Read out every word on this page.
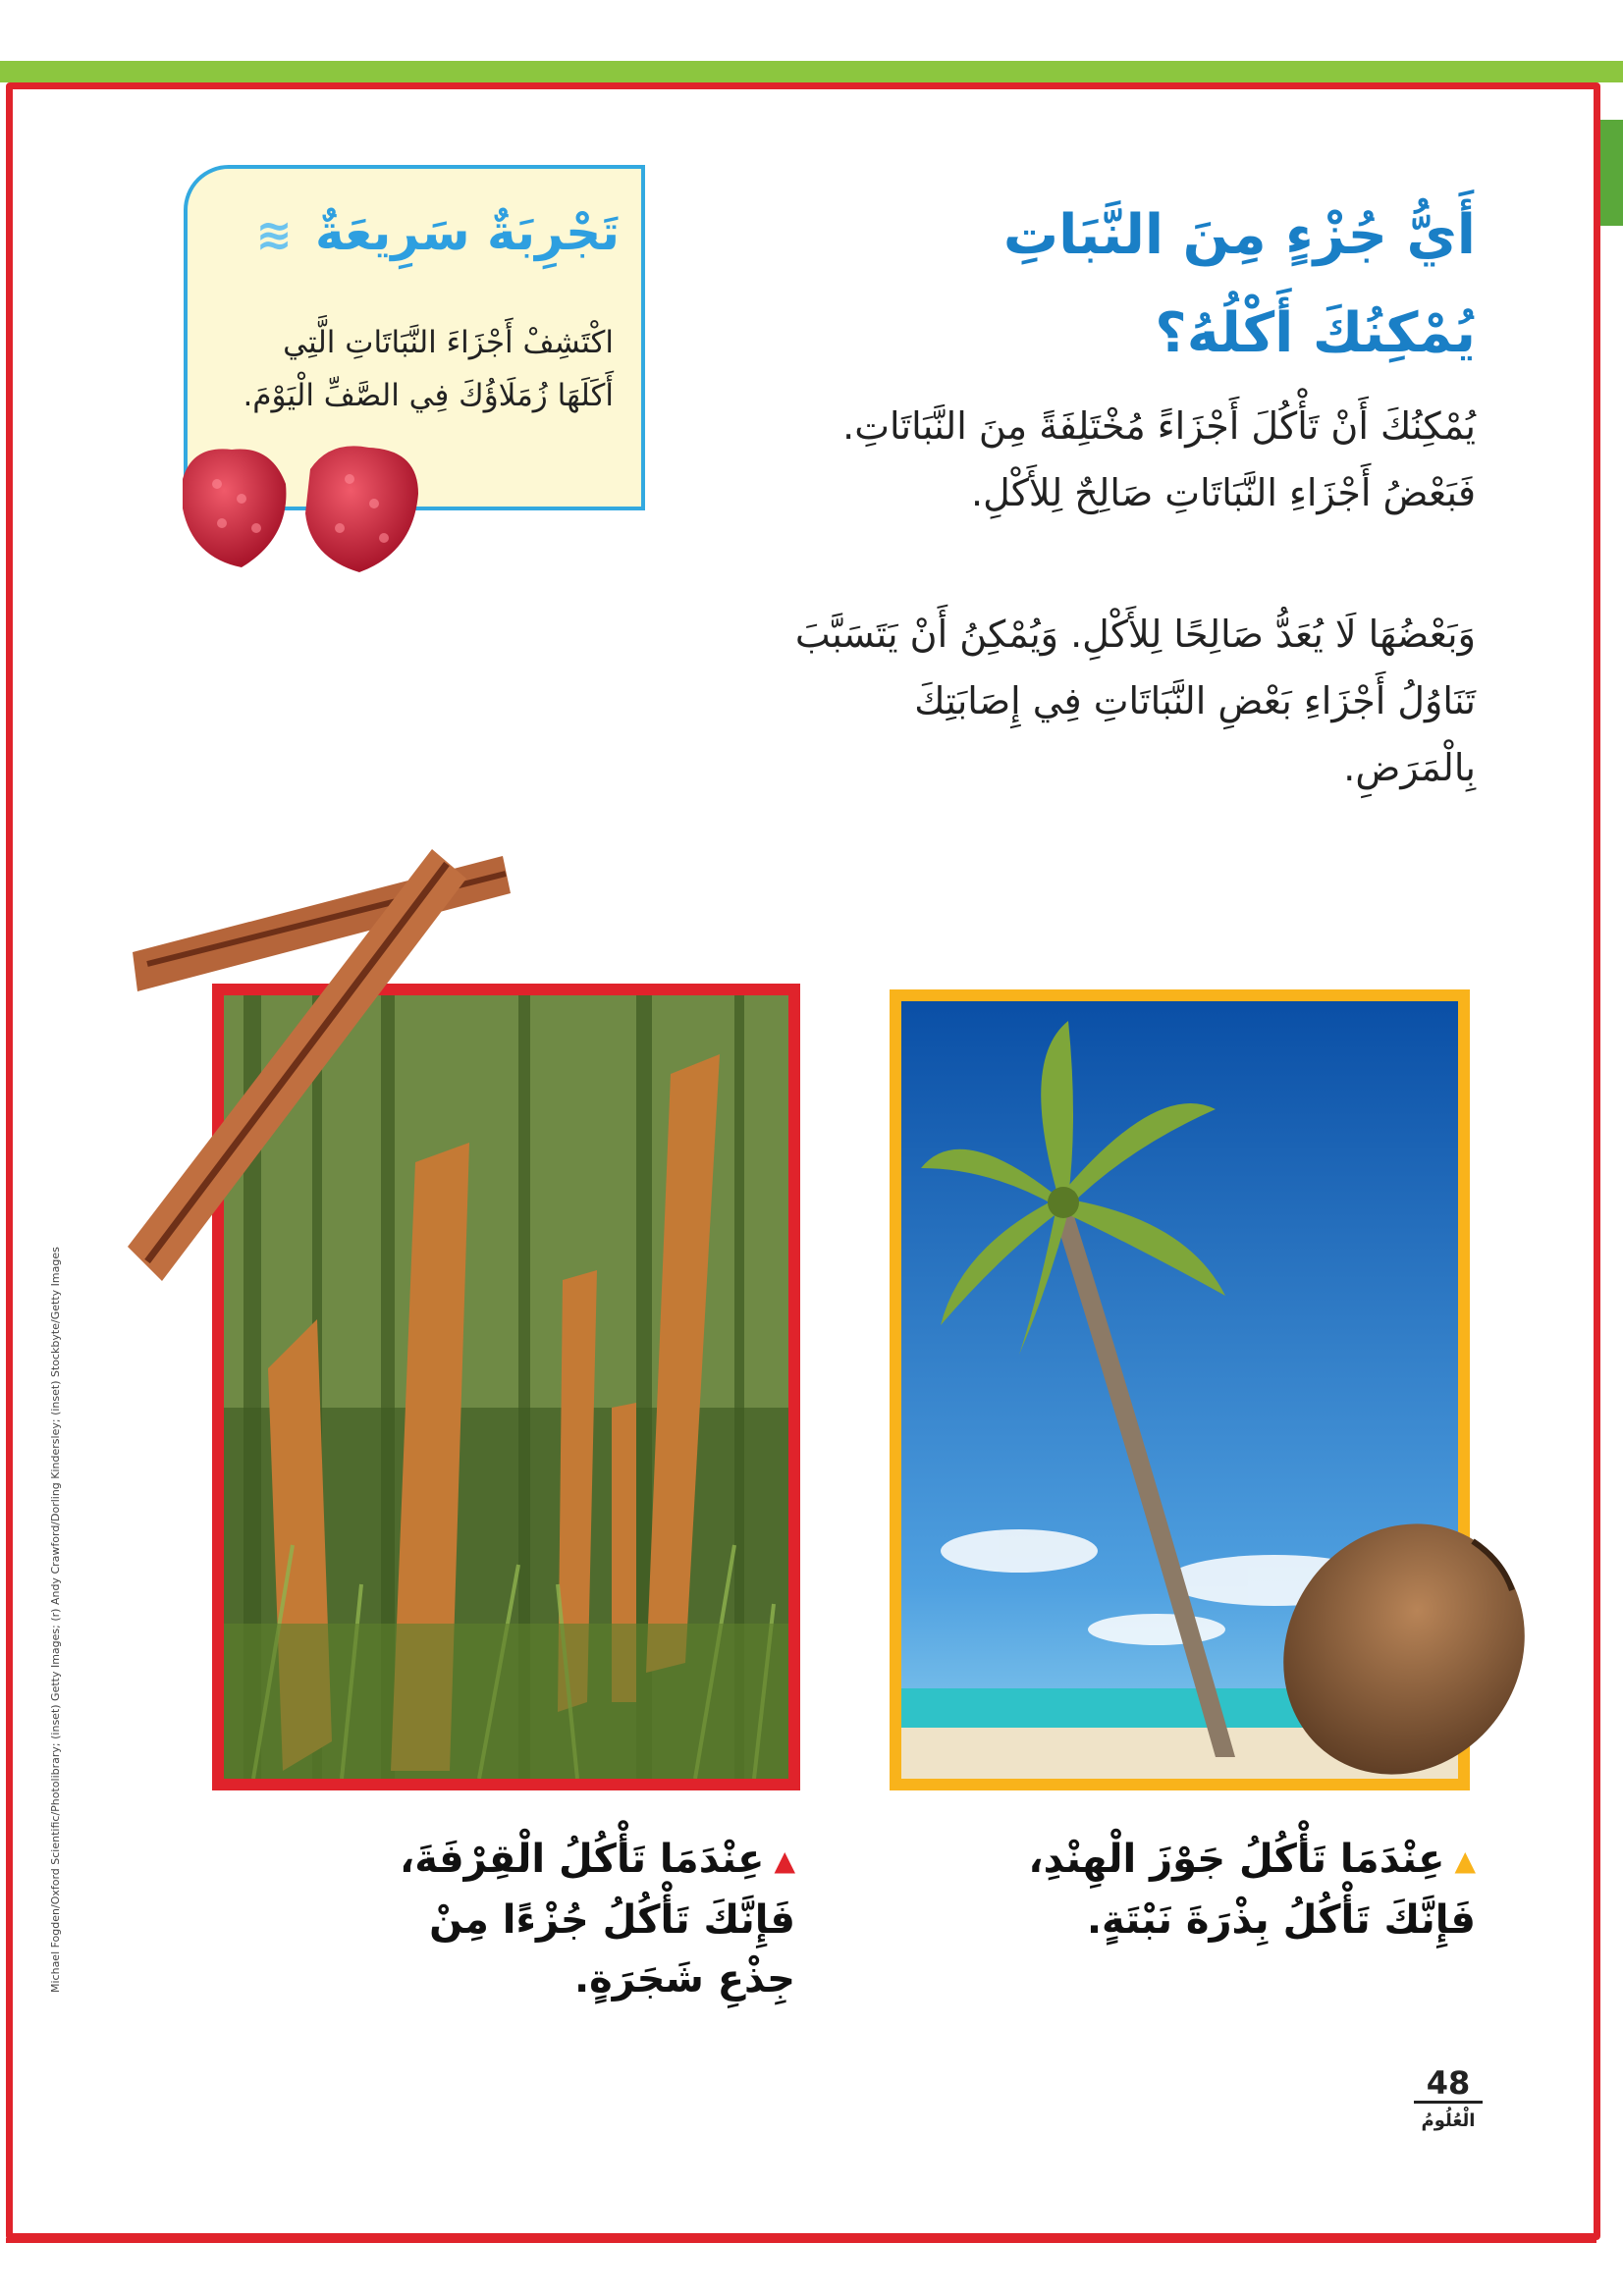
Michael Fogden/Oxford Scientific/Photolibrary; (inset) Getty Images; (r) Andy Crawford/Dorling Kindersley; (inset) Stockbyte/Getty Images
أَيُّ جُزْءٍ مِنَ النَّبَاتِ
يُمْكِنُكَ أَكْلُهُ؟
يُمْكِنُكَ أَنْ تَأْكُلَ أَجْزَاءً مُخْتَلِفَةً مِنَ النَّبَاتَاتِ. فَبَعْضُ أَجْزَاءِ النَّبَاتَاتِ صَالِحٌ لِلأَكْلِ.
وَبَعْضُهَا لَا يُعَدُّ صَالِحًا لِلأَكْلِ. وَيُمْكِنُ أَنْ يَتَسَبَّبَ تَنَاوُلُ أَجْزَاءِ بَعْضِ النَّبَاتَاتِ فِي إِصَابَتِكَ بِالْمَرَضِ.
تَجْرِبَةٌ سَرِيعَةٌ ≋
اكْتَشِفْ أَجْزَاءَ النَّبَاتَاتِ الَّتِي أَكَلَهَا زُمَلَاؤُكَ فِي الصَّفِّ الْيَوْمَ.
▲عِنْدَمَا تَأْكُلُ الْقِرْفَةَ، فَإِنَّكَ تَأْكُلُ جُزْءًا مِنْ جِذْعِ شَجَرَةٍ.
▲عِنْدَمَا تَأْكُلُ جَوْزَ الْهِنْدِ، فَإِنَّكَ تَأْكُلُ بِذْرَةَ نَبْتَةٍ.
48
الْعُلُومُ
